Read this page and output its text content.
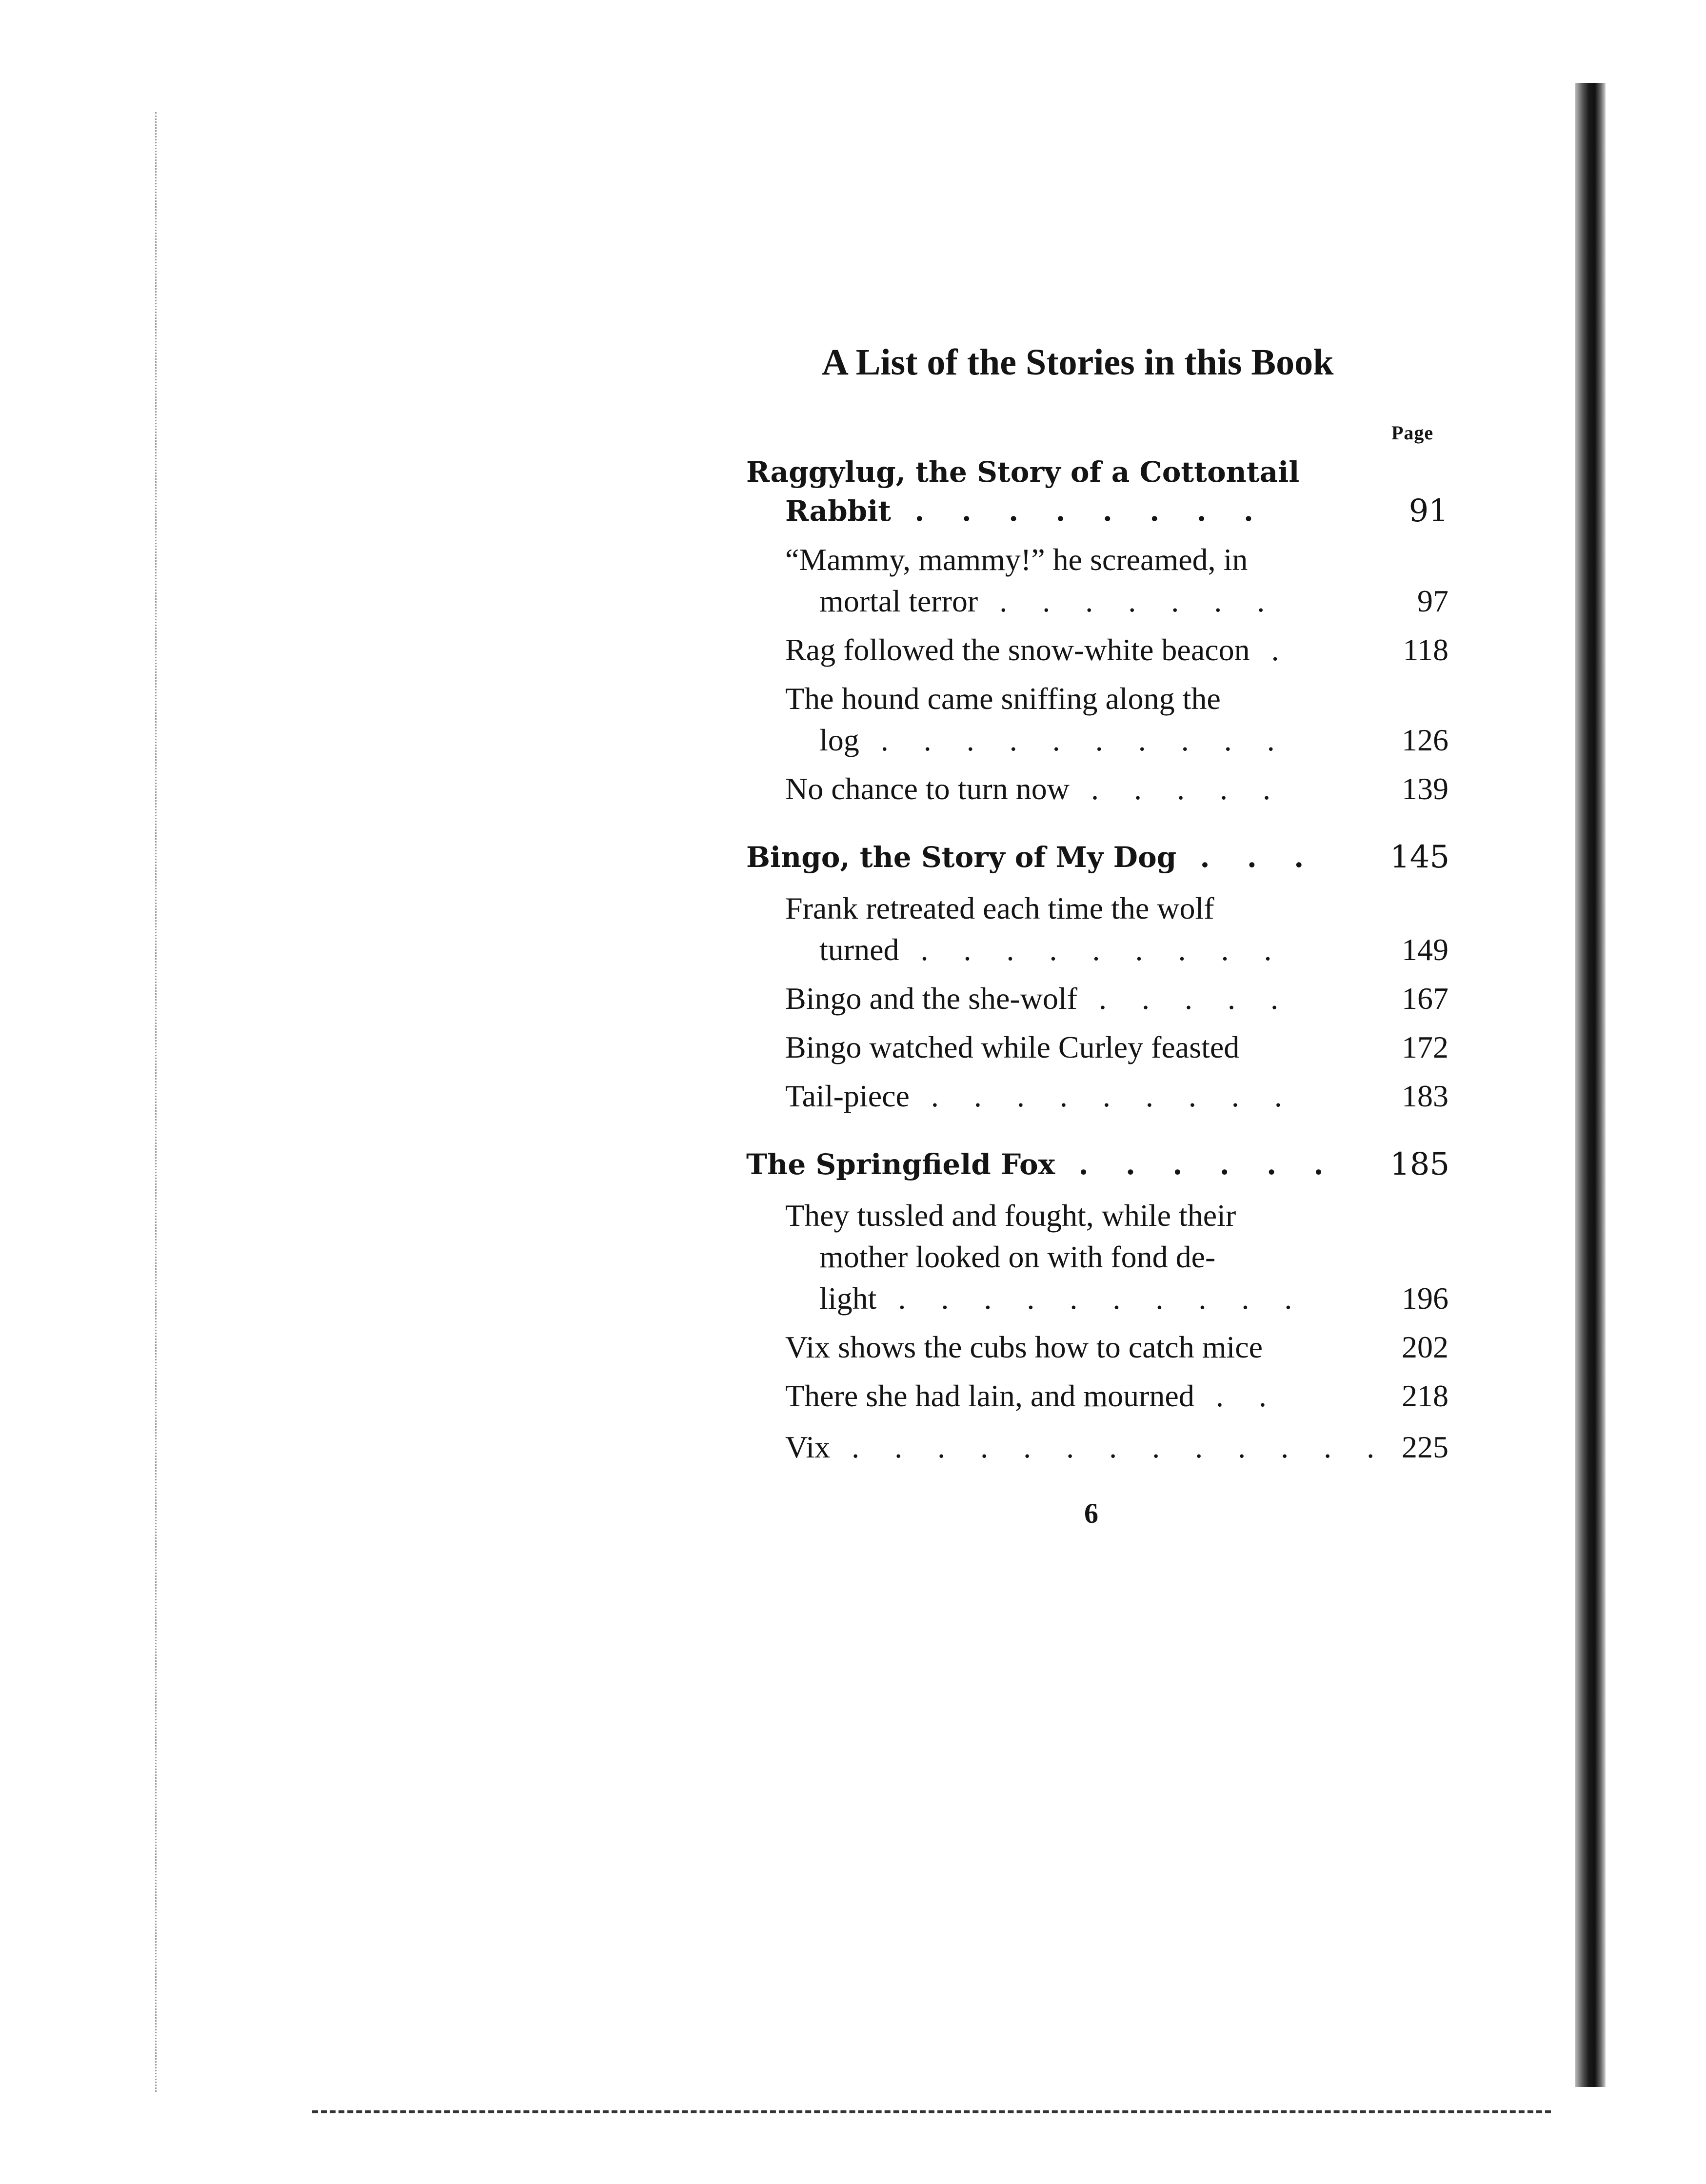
A List of the Stories in this Book
Page
Raggylug, the Story of a Cottontail
Rabbit . . . . . . . .	91
“Mammy, mammy!” he screamed, in
mortal terror . . . . . . .	97
Rag followed the snow-white beacon .	118
The hound came sniffing along the
log . . . . . . . . . .	126
No chance to turn now . . . . .	139
Bingo, the Story of My Dog . . . 145
Frank retreated each time the wolf
turned . . . . . . . . .	149
Bingo and the she-wolf . . . . .	167
Bingo watched while Curley feasted	172
Tail-piece . . . . . . . . .	183
The Springfield Fox . . . . . . 185
They tussled and fought, while their
mother looked on with fond de-
light . . . . . . . . . .	196
Vix shows the cubs how to catch mice	202
There she had lain, and mourned . .	218
Vix . . . . . . . . . . . . . 225
6
